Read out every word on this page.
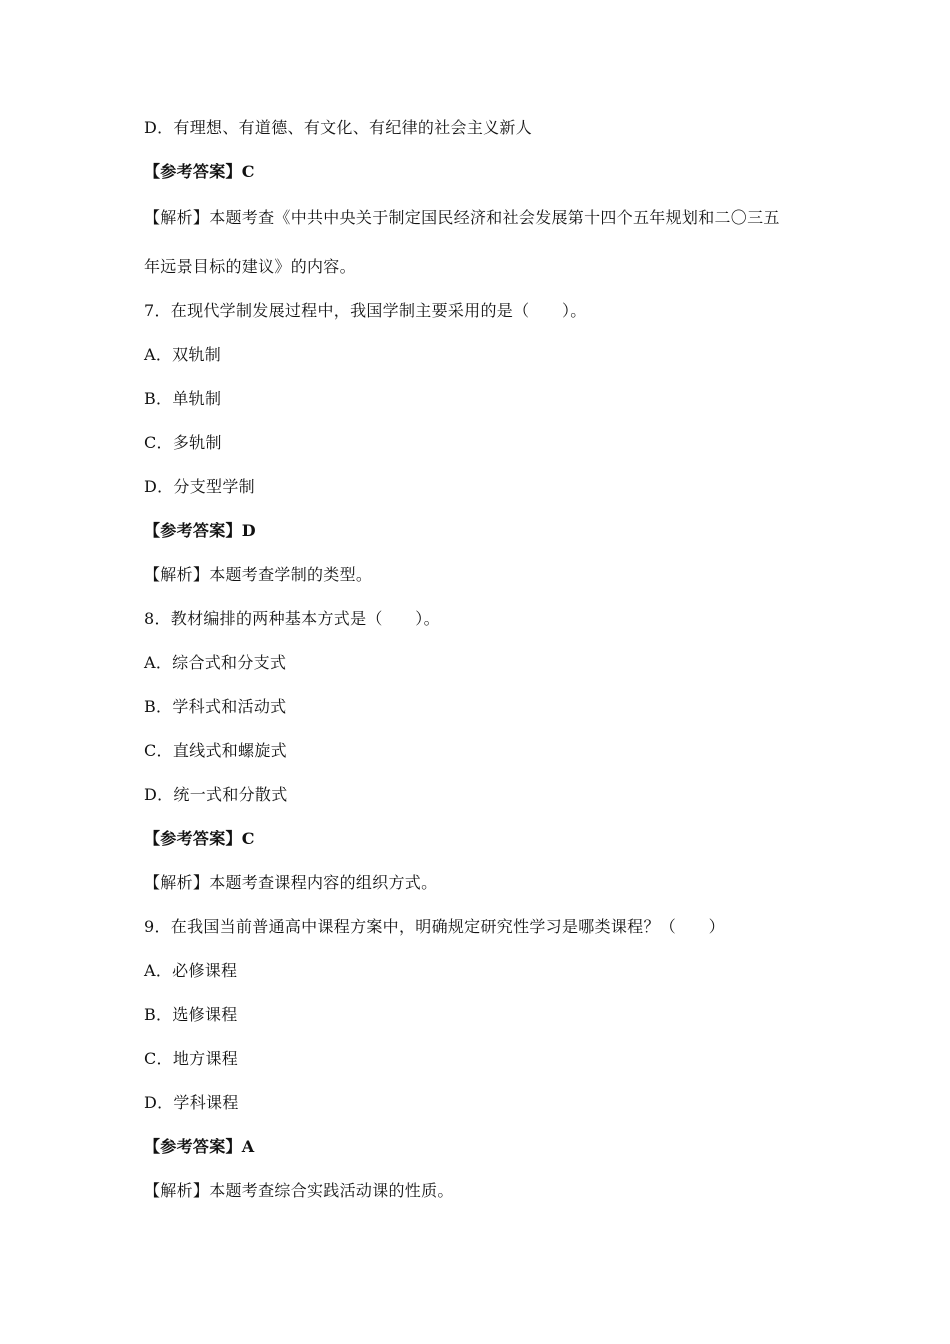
D．有理想、有道德、有文化、有纪律的社会主义新人
【参考答案】C
【解析】本题考查《中共中央关于制定国民经济和社会发展第十四个五年规划和二〇三五
年远景目标的建议》的内容。
7．在现代学制发展过程中，我国学制主要采用的是（　　）。
A．双轨制
B．单轨制
C．多轨制
D．分支型学制
【参考答案】D
【解析】本题考查学制的类型。
8．教材编排的两种基本方式是（　　）。
A．综合式和分支式
B．学科式和活动式
C．直线式和螺旋式
D．统一式和分散式
【参考答案】C
【解析】本题考查课程内容的组织方式。
9．在我国当前普通高中课程方案中，明确规定研究性学习是哪类课程？（　　）
A．必修课程
B．选修课程
C．地方课程
D．学科课程
【参考答案】A
【解析】本题考查综合实践活动课的性质。
